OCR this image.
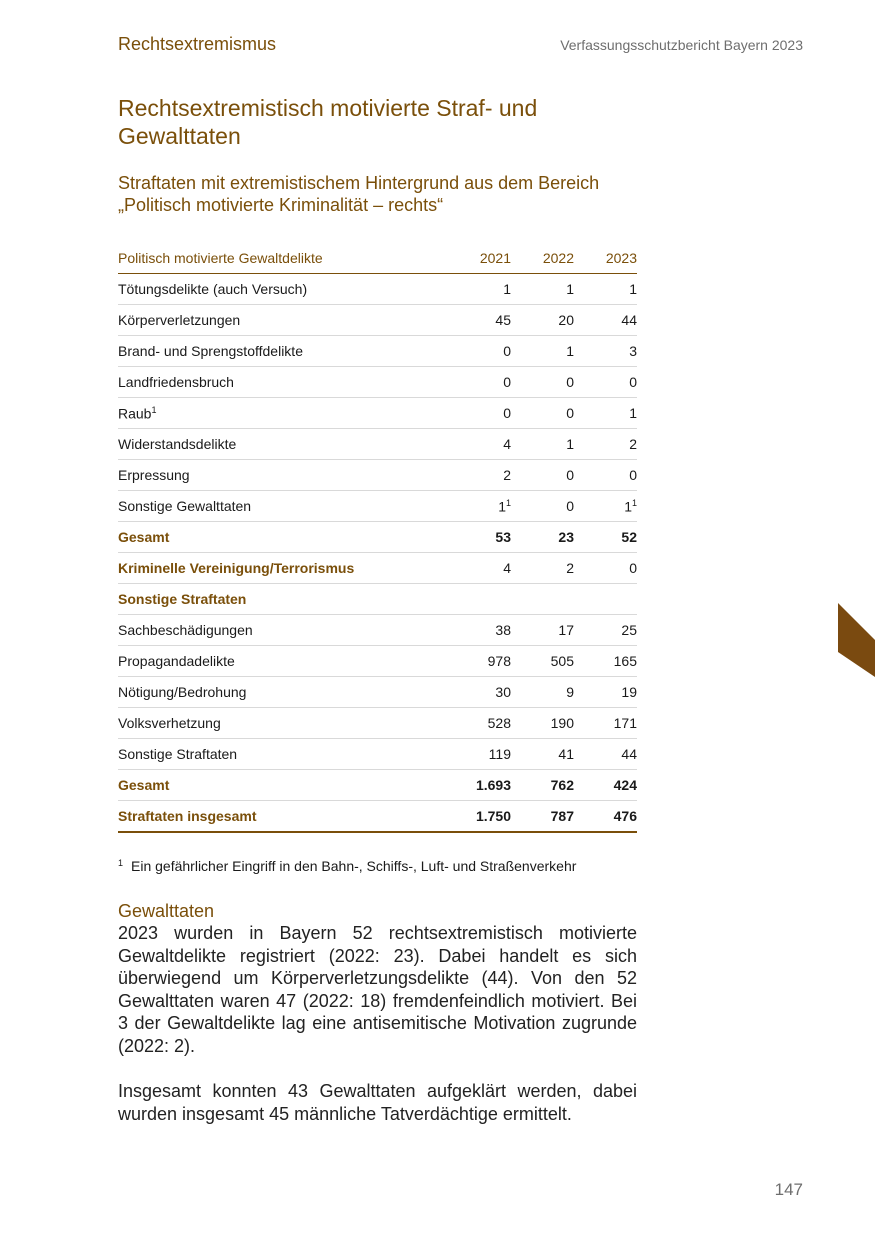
Rechtsextremismus	Verfassungsschutzbericht Bayern 2023
Rechtsextremistisch motivierte Straf- und Gewalttaten
Straftaten mit extremistischem Hintergrund aus dem Bereich „Politisch motivierte Kriminalität – rechts“
Politisch motivierte Gewaltdelikte	2021	2022	2023
Tötungsdelikte (auch Versuch)	1	1	1
Körperverletzungen	45	20	44
Brand- und Sprengstoffdelikte	0	1	3
Landfriedensbruch	0	0	0
Raub$^1$	0	0	1
Widerstandsdelikte	4	1	2
Erpressung	2	0	0
Sonstige Gewalttaten	$1^1$	0	$1^1$
Gesamt	53	23	52
Kriminelle Vereinigung/Terrorismus	4	2	0
Sonstige Straftaten			
Sachbeschädigungen	38	17	25
Propagandadelikte	978	505	165
Nötigung/Bedrohung	30	9	19
Volksverhetzung	528	190	171
Sonstige Straftaten	119	41	44
Gesamt	1.693	762	424
Straftaten insgesamt	1.750	787	476
$^1$ Ein gefährlicher Eingriff in den Bahn-, Schiffs-, Luft- und Straßenverkehr
Gewalttaten

2023 wurden in Bayern 52 rechtsextremistisch motivierte Gewaltdelikte registriert (2022: 23). Dabei handelt es sich überwiegend um Körperverletzungsdelikte (44). Von den 52 Gewalttaten waren 47 (2022: 18) fremdenfeindlich motiviert. Bei 3 der Gewaltdelikte lag eine antisemitische Motivation zugrunde (2022: 2).

Insgesamt konnten 43 Gewalttaten aufgeklärt werden, dabei wurden insgesamt 45 männliche Tatverdächtige ermittelt.

147
